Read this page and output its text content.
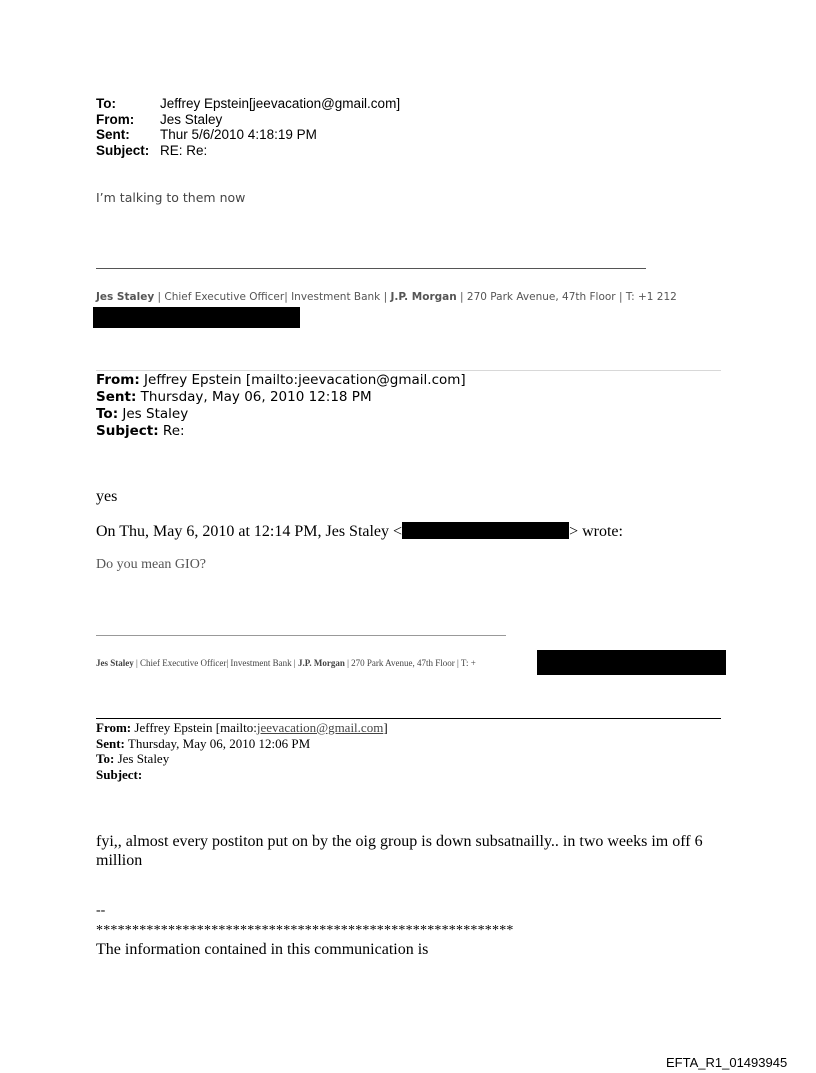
To:	Jeffrey Epstein[jeevacation@gmail.com]
From:	Jes Staley
Sent:	Thur 5/6/2010 4:18:19 PM
Subject: RE: Re:
I’m talking to them now
Jes Staley | Chief Executive Officer| Investment Bank | J.P. Morgan | 270 Park Avenue, 47th Floor | T: +1 212
From: Jeffrey Epstein [mailto:jeevacation@gmail.com]
Sent: Thursday, May 06, 2010 12:18 PM
To: Jes Staley
Subject: Re:
yes
On Thu, May 6, 2010 at 12:14 PM, Jes Staley <	> wrote:
Do you mean GIO?
Jes Staley | Chief Executive Officer| Investment Bank | J.P. Morgan | 270 Park Avenue, 47th Floor | T: +
From: Jeffrey Epstein [mailto:jeevacation@gmail.com]
Sent: Thursday, May 06, 2010 12:06 PM
To: Jes Staley
Subject:
fyi,, almost every postiton put on by the oig group is down subsatnailly.. in two weeks im off 6 million
--
**********************************************************
The information contained in this communication is
EFTA_R1_01493945
